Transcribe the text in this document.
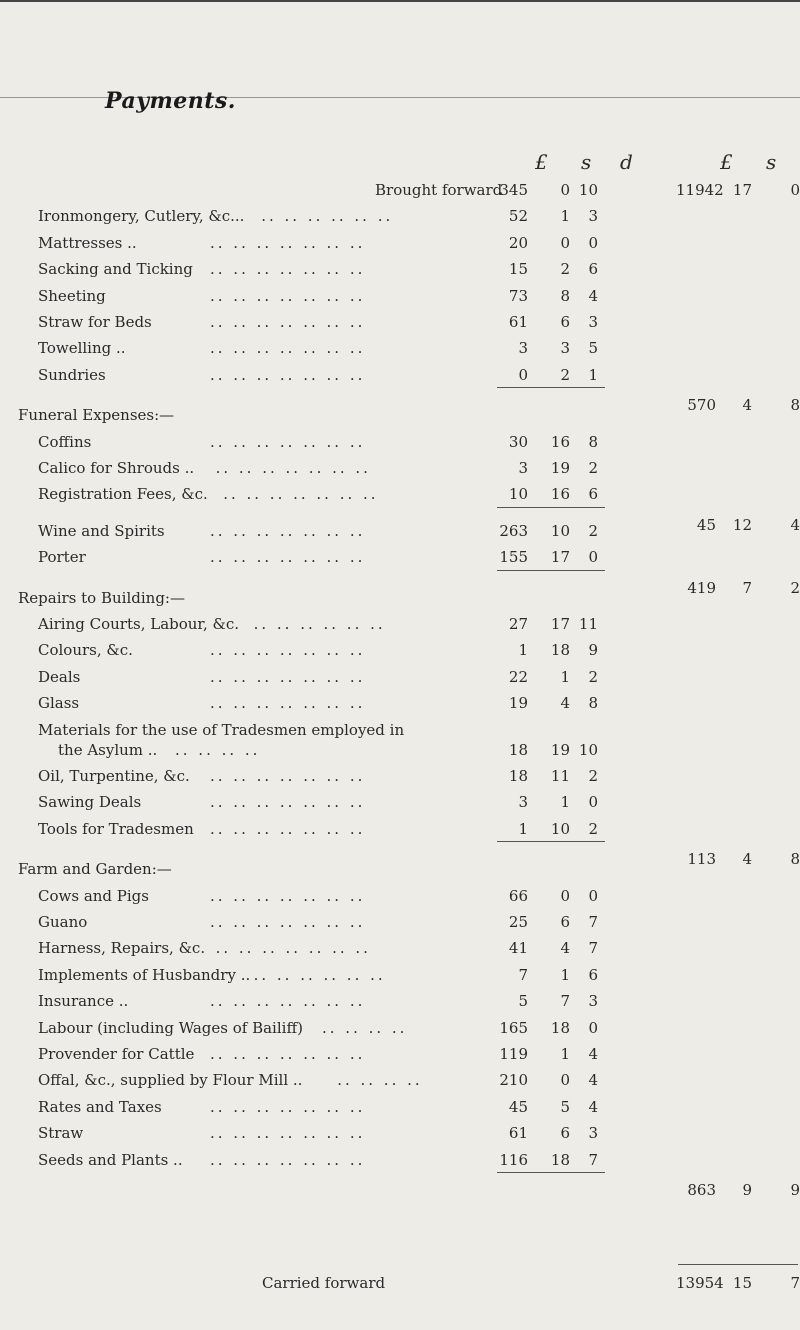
Payments.
£ s d	£ s
Brought forward
345	0 10	11942 17	0
Ironmongery, Cutlery, &c... .. .. .. .. .. ..	52	1	3
Mattresses ..	.. .. .. .. .. .. ..	20	0	0
Sacking and Ticking .. .. .. .. .. .. ..	15	2	6
Sheeting	.. .. .. .. .. .. ..	73	8	4
Straw for Beds	.. .. .. .. .. .. ..	61	6	3
Towelling ..	.. .. .. .. .. .. ..	3	3	5
Sundries	.. .. .. .. .. .. ..	0	2	1
570	4	8
Funeral Expenses:—
Coffins	.. .. .. .. .. .. ..	30	16	8
Calico for Shrouds .. .. .. .. .. .. .. ..	3	19	2
Registration Fees, &c. .. .. .. .. .. .. ..	10	16	6
45	12	4
Wine and Spirits	.. .. .. .. .. .. ..	263	10	2
Porter	.. .. .. .. .. .. ..	155	17	0
419	7	2
Repairs to Building:—
Airing Courts, Labour, &c. .. .. .. .. .. ..	27	17 11
Colours, &c.	.. .. .. .. .. .. ..	1	18	9
Deals	.. .. .. .. .. .. ..	22	1	2
Glass	.. .. .. .. .. .. ..	19	4	8
Materials for the use of Tradesmen employed in
the Asylum .. .. .. .. ..	18	19 10
Oil, Turpentine, &c. .. .. .. .. .. .. ..	18	11	2
Sawing Deals	.. .. .. .. .. .. ..	3	1	0
Tools for Tradesmen .. .. .. .. .. .. ..	1	10	2
113	4	8
Farm and Garden:—
Cows and Pigs	.. .. .. .. .. .. ..	66	0	0
Guano	.. .. .. .. .. .. ..	25	6	7
Harness, Repairs, &c. .. .. .. .. .. .. ..	41	4	7
Implements of Husbandry .. .. .. .. .. .. ..	7	1	6
Insurance ..	.. .. .. .. .. .. ..	5	7	3
Labour (including Wages of Bailiff) .. .. .. ..	165	18	0
Provender for Cattle .. .. .. .. .. .. ..	119	1	4
Offal, &c., supplied by Flour Mill .. .. .. .. ..	210	0	4
Rates and Taxes	.. .. .. .. .. .. ..	45	5	4
Straw	.. .. .. .. .. .. ..	61	6	3
Seeds and Plants .. .. .. .. .. .. .. ..	116	18	7
863	9	9
Carried forward	13954 15	7
